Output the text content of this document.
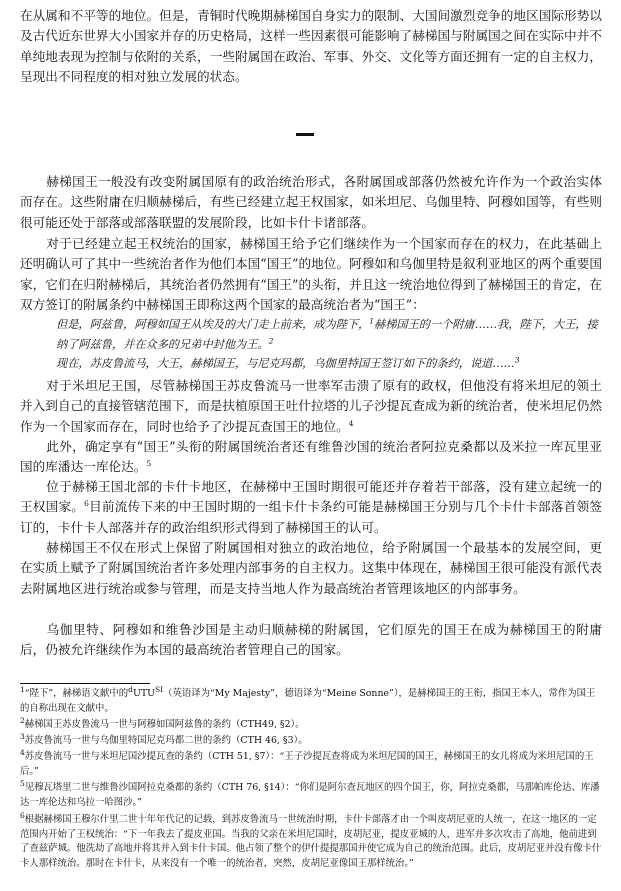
在从属和不平等的地位。但是，青铜时代晚期赫梯国自身实力的限制、大国间激烈竞争的地区国际形势以及古代近东世界大小国家并存的历史格局，这样一些因素很可能影响了赫梯国与附属国之间在实际中并不单纯地表现为控制与依附的关系，一些附属国在政治、军事、外交、文化等方面还拥有一定的自主权力，呈现出不同程度的相对独立发展的状态。

赫梯国王一般没有改变附属国原有的政治统治形式，各附属国或部落仍然被允许作为一个政治实体而存在。这些附庸在归顺赫梯后，有些已经建立起王权国家，如米坦尼、乌伽里特、阿穆如国等，有些则很可能还处于部落或部落联盟的发展阶段，比如卡什卡诸部落。

对于已经建立起王权统治的国家，赫梯国王给予它们继续作为一个国家而存在的权力，在此基础上还明确认可了其中一些统治者作为他们本国“国王”的地位。阿穆如和乌伽里特是叙利亚地区的两个重要国家，它们在归附赫梯后，其统治者仍然拥有“国王”的头衔，并且这一统治地位得到了赫梯国王的肯定，在双方签订的附属条约中赫梯国王即称这两个国家的最高统治者为“国王”：

但是，阿兹鲁，阿穆如国王从埃及的大门走上前来，成为陛下，$^1$赫梯国王的一个附庸……我，陛下，大王，接纳了阿兹鲁，并在众多的兄弟中封他为王。$^2$

现在，苏皮鲁流马，大王，赫梯国王，与尼克玛都，乌伽里特国王签订如下的条约，说道……$^3$

对于米坦尼王国，尽管赫梯国王苏皮鲁流马一世率军击溃了原有的政权，但他没有将米坦尼的领土并入到自己的直接管辖范围下，而是扶植原国王吐什拉塔的儿子沙提瓦查成为新的统治者，使米坦尼仍然作为一个国家而存在，同时也给予了沙提瓦查国王的地位。$^4$

此外，确定享有“国王”头衔的附属国统治者还有维鲁沙国的统治者阿拉克桑都以及米拉一库瓦里亚国的库潘达一库伦达。$^5$

位于赫梯王国北部的卡什卡地区，在赫梯中王国时期很可能还并存着若干部落，没有建立起统一的王权国家。$^6$目前流传下来的中王国时期的一组卡什卡条约可能是赫梯国王分别与几个卡什卡部落首领签订的，卡什卡人部落并存的政治组织形式得到了赫梯国王的认可。

赫梯国王不仅在形式上保留了附属国相对独立的政治地位，给予附属国一个最基本的发展空间，更在实质上赋予了附属国统治者许多处理内部事务的自主权力。这集中体现在，赫梯国王很可能没有派代表去附属地区进行统治或参与管理，而是支持当地人作为最高统治者管理该地区的内部事务。

乌伽里特、阿穆如和维鲁沙国是主动归顺赫梯的附属国，它们原先的国王在成为赫梯国王的附庸后，仍被允许继续作为本国的最高统治者管理自己的国家。

$^1$“陛下”，赫梯语文献中的$^dUTU^{SI}$（英语译为“My Majesty”，德语译为“Meine Sonne”），是赫梯国王的王衔，指国王本人，常作为国王的自称出现在文献中。

$^2$赫梯国王苏皮鲁流马一世与阿穆如国阿兹鲁的条约（CTH49, §2）。

$^3$苏皮鲁流马一世与乌伽里特国尼克玛都二世的条约（CTH 46, §3）。

$^4$苏皮鲁流马一世与米坦尼国沙提瓦查的条约（CTH 51, §7）：“王子沙提瓦查将成为米坦尼国的国王，赫梯国王的女儿将成为米坦尼国的王后。”

$^5$见穆瓦塔里二世与维鲁沙国阿拉克桑都的条约（CTH 76, §14）：“你们是阿尔查瓦地区的四个国王，你，阿拉克桑都，马那帕库伦达、库潘达一库伦达和乌拉一哈图沙。”

$^6$根据赫梯国王穆尔什里二世十年年代记的记载，到苏皮鲁流马一世统治时期，卡什卡部落才由一个叫皮胡尼亚的人统一，在这一地区的一定范围内开始了王权统治：“下一年我去了提皮亚国。当我的父亲在米坦尼国时，皮胡尼亚，提皮亚城的人，进军并多次攻击了高地，他前进到了查兹萨城。他洗劫了高地并将其并入到卡什卡国。他占领了整个的伊什提提那国并使它成为自己的统治范围。此后，皮胡尼亚并没有像卡什卡人那样统治。那时在卡什卡，从来没有一个唯一的统治者，突然，皮胡尼亚像国王那样统治。”
